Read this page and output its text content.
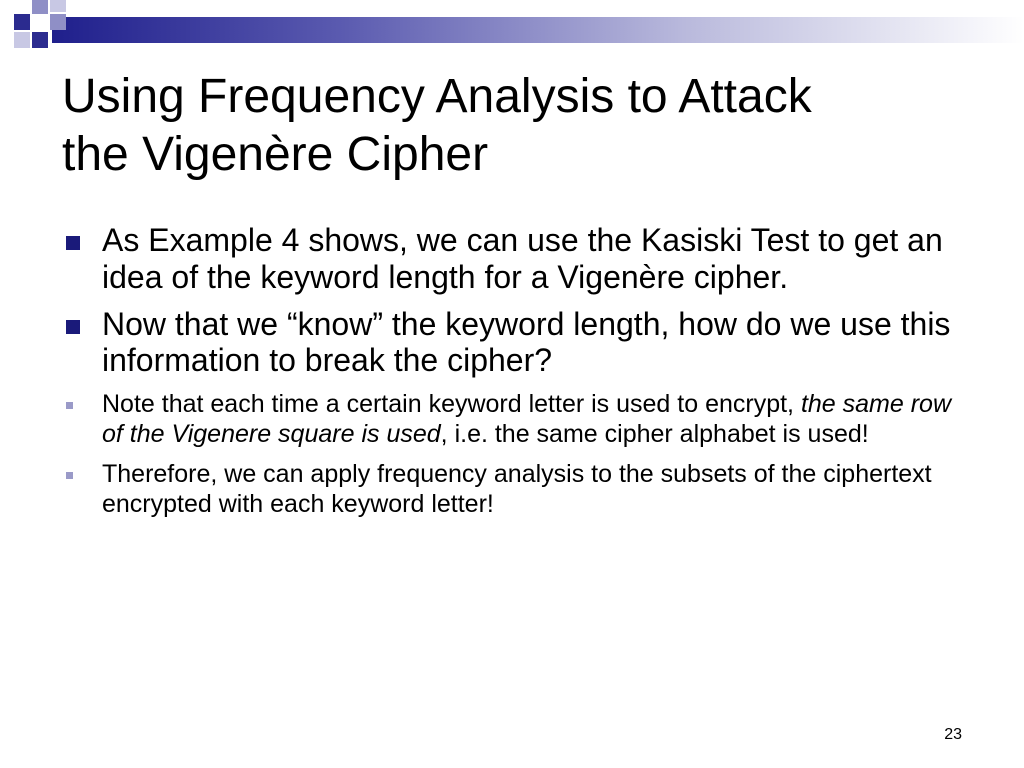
Using Frequency Analysis to Attack
the Vigenère Cipher
As Example 4 shows, we can use the Kasiski Test to get an idea of the keyword length for a Vigenère cipher.
Now that we “know” the keyword length, how do we use this information to break the cipher?
Note that each time a certain keyword letter is used to encrypt, the same row of the Vigenere square is used, i.e. the same cipher alphabet is used!
Therefore, we can apply frequency analysis to the subsets of the ciphertext encrypted with each keyword letter!
23
